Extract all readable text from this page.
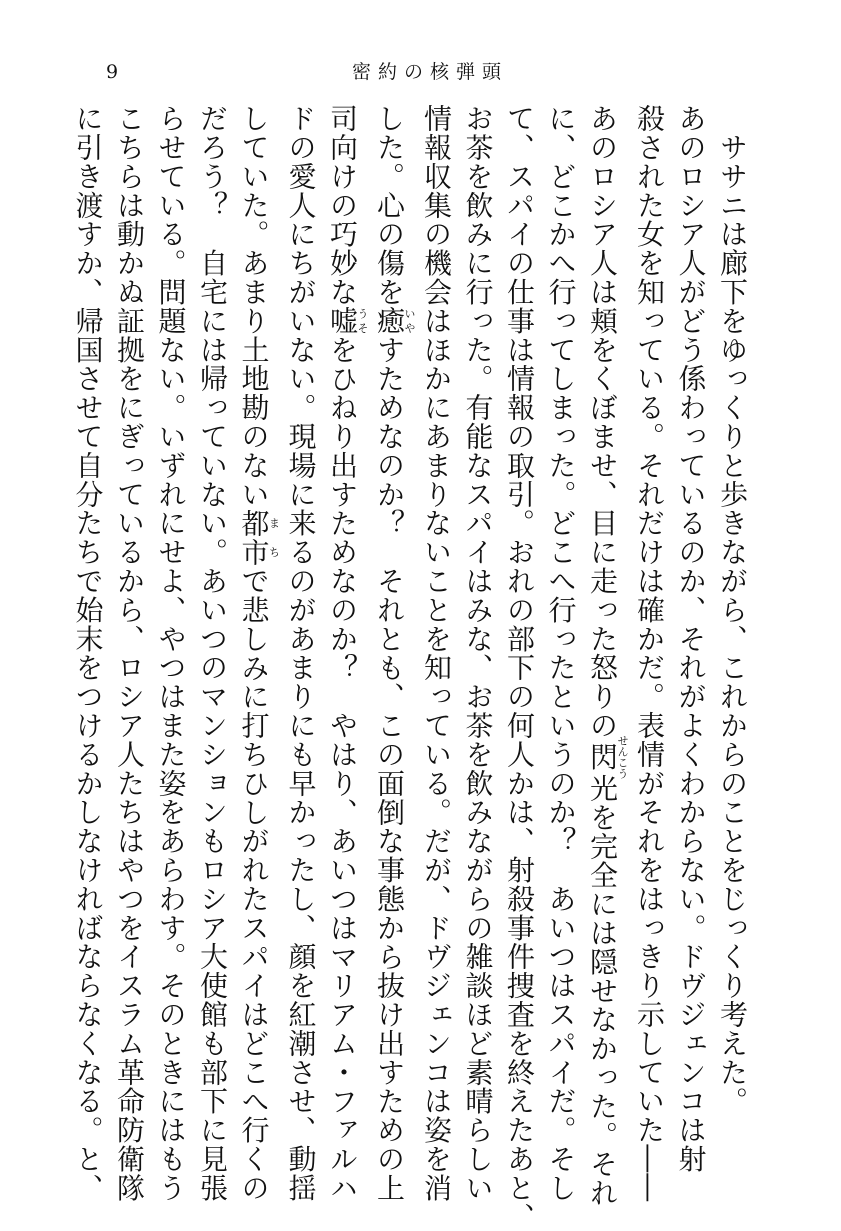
9	密約の核弾頭
　ササニは廊下をゆっくりと歩きながら、これからのことをじっくり考えた。
あのロシア人がどう係わっているのか、それがよくわからない。ドヴジェンコは射
殺された女を知っている。それだけは確かだ。表情がそれをはっきり示していた――
あのロシア人は頬をくぼませ、目に走った怒りの閃せんこう光を完全には隠せなかった。それ
に、どこかへ行ってしまった。どこへ行ったというのか？　あいつはスパイだ。そし
て、スパイの仕事は情報の取引。おれの部下の何人かは、射殺事件捜査を終えたあと、
お茶を飲みに行った。有能なスパイはみな、お茶を飲みながらの雑談ほど素晴らしい
情報収集の機会はほかにあまりないことを知っている。だが、ドヴジェンコは姿を消
した。心の傷を癒いやすためなのか？　それとも、この面倒な事態から抜け出すための上
司向けの巧妙な嘘うそをひねり出すためなのか？　やはり、あいつはマリアム・ファルハ
ドの愛人にちがいない。現場に来るのがあまりにも早かったし、顔を紅潮させ、動揺
していた。あまり土地勘のない都市まちで悲しみに打ちひしがれたスパイはどこへ行くの
だろう？　自宅には帰っていない。あいつのマンションもロシア大使館も部下に見張
らせている。問題ない。いずれにせよ、やつはまた姿をあらわす。そのときにはもう
こちらは動かぬ証拠をにぎっているから、ロシア人たちはやつをイスラム革命防衛隊
に引き渡すか、帰国させて自分たちで始末をつけるかしなければならなくなる。と、
